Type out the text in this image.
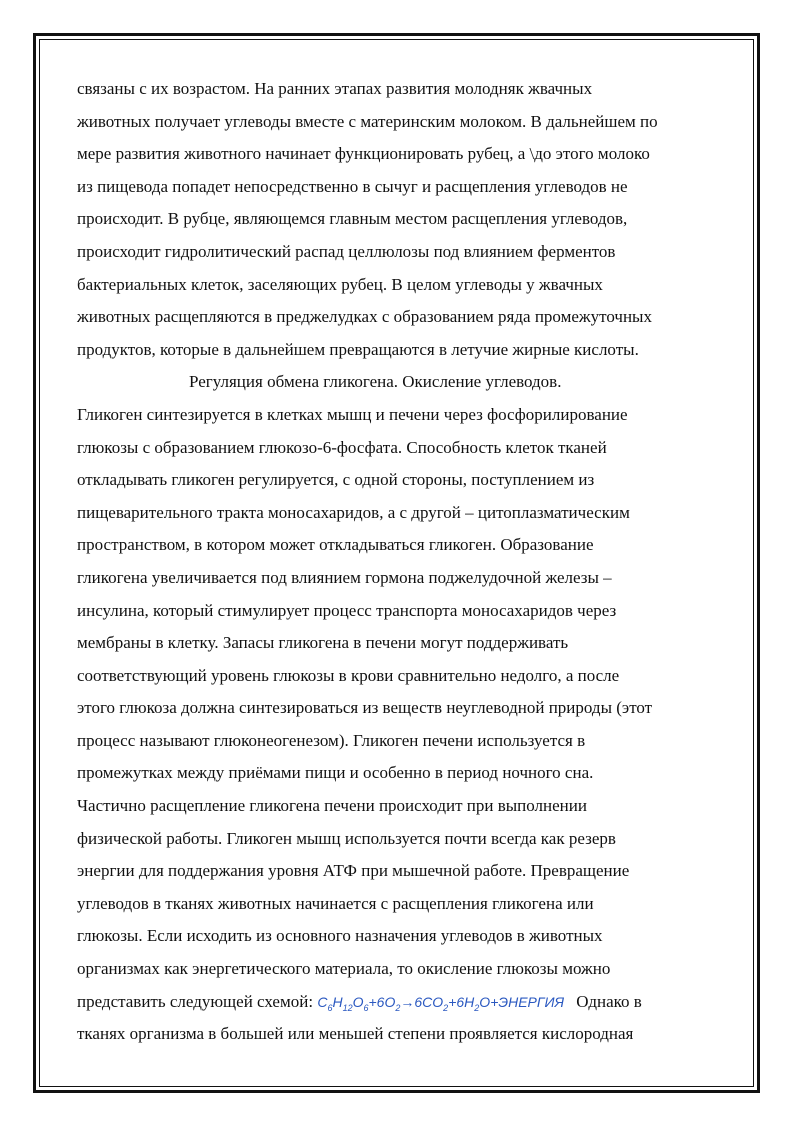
связаны с их возрастом. На ранних этапах развития молодняк жвачных
животных получает углеводы вместе с материнским молоком. В дальнейшем по
мере развития животного начинает функционировать рубец, а \до этого молоко
из пищевода попадет непосредственно в сычуг и расщепления углеводов не
происходит. В рубце, являющемся главным местом расщепления углеводов,
происходит гидролитический распад целлюлозы под влиянием ферментов
бактериальных клеток, заселяющих рубец. В целом углеводы у жвачных
животных расщепляются в преджелудках с образованием ряда промежуточных
продуктов, которые в дальнейшем превращаются в летучие жирные кислоты.
Регуляция обмена гликогена. Окисление углеводов.
Гликоген синтезируется в клетках мышц и печени через фосфорилирование
глюкозы с образованием глюкозо-6-фосфата. Способность клеток тканей
откладывать гликоген регулируется, с одной стороны, поступлением из
пищеварительного тракта моносахаридов, а с другой – цитоплазматическим
пространством, в котором может откладываться гликоген. Образование
гликогена увеличивается под влиянием гормона поджелудочной железы –
инсулина, который стимулирует процесс транспорта моносахаридов через
мембраны в клетку. Запасы гликогена в печени могут поддерживать
соответствующий уровень глюкозы в крови сравнительно недолго, а после
этого глюкоза должна синтезироваться из веществ неуглеводной природы (этот
процесс называют глюконеогенезом). Гликоген печени используется в
промежутках между приёмами пищи и особенно в период ночного сна.
Частично расщепление гликогена печени происходит при выполнении
физической работы. Гликоген мышц используется почти всегда как резерв
энергии для поддержания уровня АТФ при мышечной работе. Превращение
углеводов в тканях животных начинается с расщепления гликогена или
глюкозы. Если исходить из основного назначения углеводов в животных
организмах как энергетического материала, то окисление глюкозы можно
представить следующей схемой: $C_6H_{12}O_6+6O_2\to 6CO_2+6H_2O+ЭНЕРГИЯ$ Однако в
тканях организма в большей или меньшей степени проявляется кислородная
